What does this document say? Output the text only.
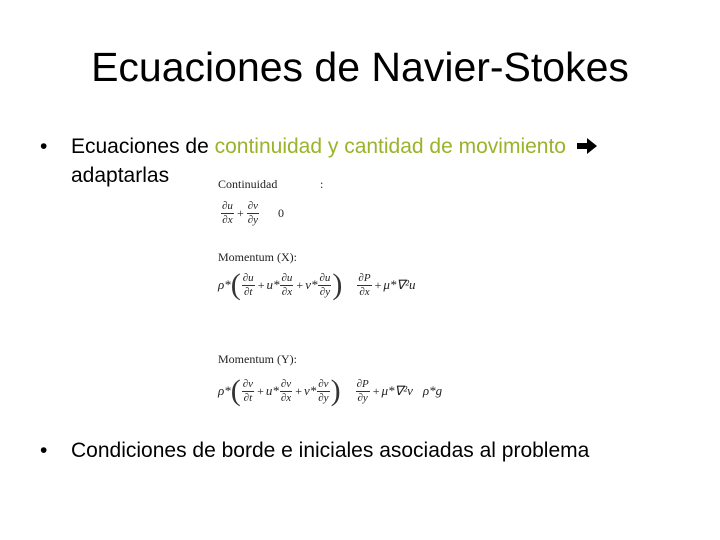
Ecuaciones de Navier-Stokes
• Ecuaciones de continuidad y cantidad de movimiento
adaptarlas	Continuidad	:
$\frac{\partial u}{\partial x} + \frac{\partial v}{\partial y} 0$
Momentum (X):
$\rho*( \frac{\partial u}{\partial t} + u* \frac{\partial u}{\partial x} + v* \frac{\partial u}{\partial y}$ ) $\frac{\partial P}{\partial x} + \mu*\nabla^2u$
Momentum (Y):
$\rho*( \frac{\partial v}{\partial t} + u* \frac{\partial v}{\partial x} + v* \frac{\partial v}{\partial y}$ ) $\frac{\partial P}{\partial y} + \mu*\nabla^2v$ ρ*g
• Condiciones de borde e iniciales asociadas al problema
